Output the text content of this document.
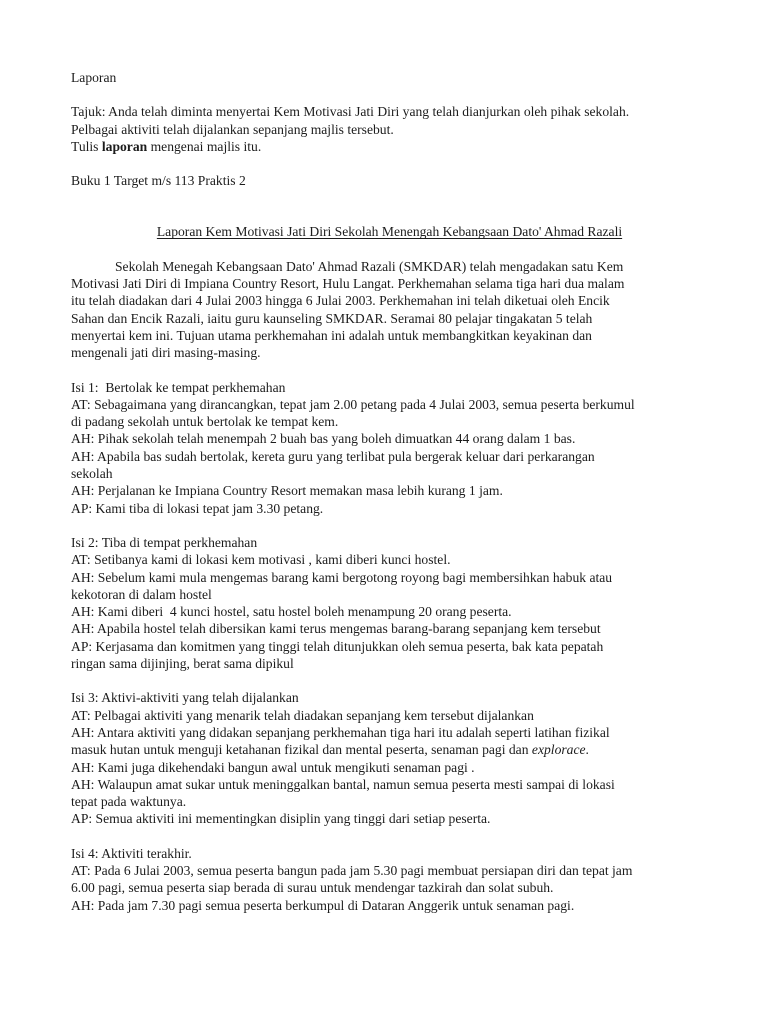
Laporan
Tajuk: Anda telah diminta menyertai Kem Motivasi Jati Diri yang telah dianjurkan oleh pihak sekolah.
Pelbagai aktiviti telah dijalankan sepanjang majlis tersebut.
Tulis laporan mengenai majlis itu.
Buku 1 Target m/s 113 Praktis 2
Laporan Kem Motivasi Jati Diri Sekolah Menengah Kebangsaan Dato' Ahmad Razali
Sekolah Menegah Kebangsaan Dato' Ahmad Razali (SMKDAR) telah mengadakan satu Kem
Motivasi Jati Diri di Impiana Country Resort, Hulu Langat. Perkhemahan selama tiga hari dua malam
itu telah diadakan dari 4 Julai 2003 hingga 6 Julai 2003. Perkhemahan ini telah diketuai oleh Encik
Sahan dan Encik Razali, iaitu guru kaunseling SMKDAR. Seramai 80 pelajar tingakatan 5 telah
menyertai kem ini. Tujuan utama perkhemahan ini adalah untuk membangkitkan keyakinan dan
mengenali jati diri masing-masing.
Isi 1:  Bertolak ke tempat perkhemahan
AT: Sebagaimana yang dirancangkan, tepat jam 2.00 petang pada 4 Julai 2003, semua peserta berkumul
di padang sekolah untuk bertolak ke tempat kem.
AH: Pihak sekolah telah menempah 2 buah bas yang boleh dimuatkan 44 orang dalam 1 bas.
AH: Apabila bas sudah bertolak, kereta guru yang terlibat pula bergerak keluar dari perkarangan
sekolah
AH: Perjalanan ke Impiana Country Resort memakan masa lebih kurang 1 jam.
AP: Kami tiba di lokasi tepat jam 3.30 petang.
Isi 2: Tiba di tempat perkhemahan
AT: Setibanya kami di lokasi kem motivasi , kami diberi kunci hostel.
AH: Sebelum kami mula mengemas barang kami bergotong royong bagi membersihkan habuk atau
kekotoran di dalam hostel
AH: Kami diberi  4 kunci hostel, satu hostel boleh menampung 20 orang peserta.
AH: Apabila hostel telah dibersikan kami terus mengemas barang-barang sepanjang kem tersebut
AP: Kerjasama dan komitmen yang tinggi telah ditunjukkan oleh semua peserta, bak kata pepatah
ringan sama dijinjing, berat sama dipikul
Isi 3: Aktivi-aktiviti yang telah dijalankan
AT: Pelbagai aktiviti yang menarik telah diadakan sepanjang kem tersebut dijalankan
AH: Antara aktiviti yang didakan sepanjang perkhemahan tiga hari itu adalah seperti latihan fizikal
masuk hutan untuk menguji ketahanan fizikal dan mental peserta, senaman pagi dan explorace.
AH: Kami juga dikehendaki bangun awal untuk mengikuti senaman pagi .
AH: Walaupun amat sukar untuk meninggalkan bantal, namun semua peserta mesti sampai di lokasi
tepat pada waktunya.
AP: Semua aktiviti ini mementingkan disiplin yang tinggi dari setiap peserta.
Isi 4: Aktiviti terakhir.
AT: Pada 6 Julai 2003, semua peserta bangun pada jam 5.30 pagi membuat persiapan diri dan tepat jam
6.00 pagi, semua peserta siap berada di surau untuk mendengar tazkirah dan solat subuh.
AH: Pada jam 7.30 pagi semua peserta berkumpul di Dataran Anggerik untuk senaman pagi.
